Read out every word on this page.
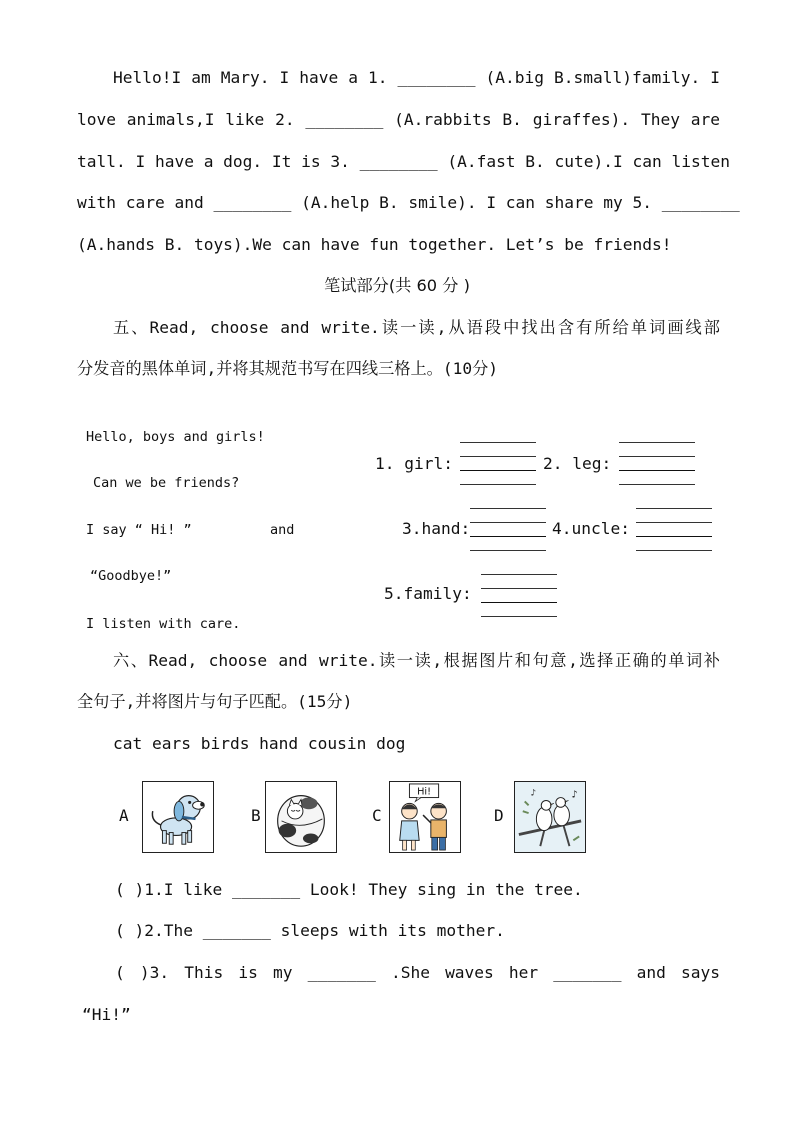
Hello!I am Mary. I have a 1. ________ (A.big B.small)family. I
love animals,I like 2. ________ (A.rabbits B. giraffes). They are
tall. I have a dog. It is 3. ________ (A.fast B. cute).I can listen
with care and ________ (A.help B. smile). I can share my 5. ________
(A.hands B. toys).We can have fun together. Let’s be friends!
笔试部分(共 60 分 )
五、Read, choose and write.读一读,从语段中找出含有所给单词画线部
分发音的黑体单词,并将其规范书写在四线三格上。(10分)
Hello, boys and girls!
Can we be friends?
I say “ Hi! ”	and
“Goodbye!”
I listen with care.
1. girl:	2. leg:
3.hand:	4.uncle:
5.family:
六、Read, choose and write.读一读,根据图片和句意,选择正确的单词补
全句子,并将图片与句子匹配。(15分)
cat ears birds hand cousin dog
A	B	C
Hi!
D
♪
♪
( )1.I like _______ Look! They sing in the tree.
( )2.The _______ sleeps with its mother.
( )3. This is my _______ .She waves her _______ and says
“Hi!”
